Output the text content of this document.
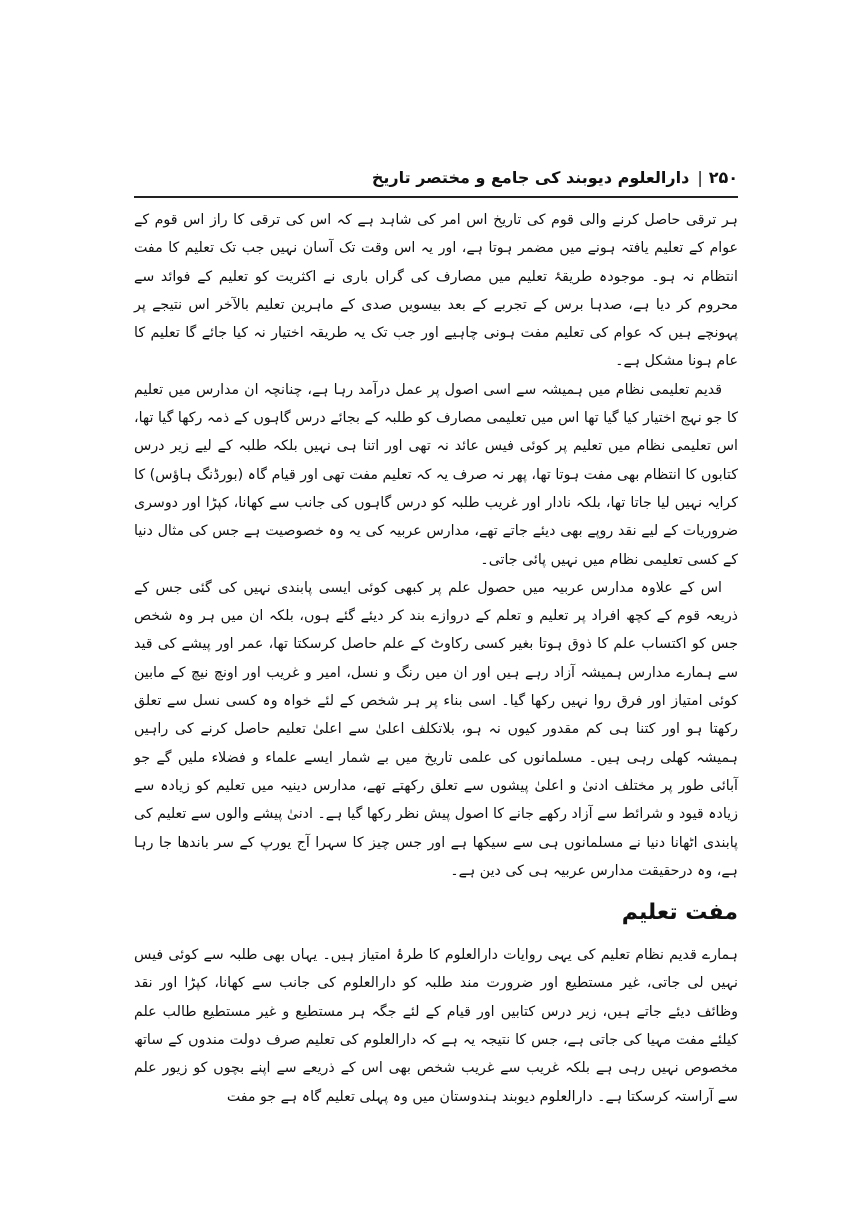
۲۵۰
|
دارالعلوم دیوبند کی جامع و مختصر تاریخ

ہر ترقی حاصل کرنے والی قوم کی تاریخ اس امر کی شاہد ہے کہ اس کی ترقی کا راز اس قوم کے عوام کے تعلیم یافتہ ہونے میں مضمر ہوتا ہے، اور یہ اس وقت تک آسان نہیں جب تک تعلیم کا مفت انتظام نہ ہو۔ موجودہ طریقۂ تعلیم میں مصارف کی گراں باری نے اکثریت کو تعلیم کے فوائد سے محروم کر دیا ہے، صدہا برس کے تجربے کے بعد بیسویں صدی کے ماہرین تعلیم بالآخر اس نتیجے پر پہونچے ہیں کہ عوام کی تعلیم مفت ہونی چاہیے اور جب تک یہ طریقہ اختیار نہ کیا جائے گا تعلیم کا عام ہونا مشکل ہے۔

قدیم تعلیمی نظام میں ہمیشہ سے اسی اصول پر عمل درآمد رہا ہے، چنانچہ ان مدارس میں تعلیم کا جو نہج اختیار کیا گیا تھا اس میں تعلیمی مصارف کو طلبہ کے بجائے درس گاہوں کے ذمہ رکھا گیا تھا، اس تعلیمی نظام میں تعلیم پر کوئی فیس عائد نہ تھی اور اتنا ہی نہیں بلکہ طلبہ کے لیے زیر درس کتابوں کا انتظام بھی مفت ہوتا تھا، پھر نہ صرف یہ کہ تعلیم مفت تھی اور قیام گاہ (بورڈنگ ہاؤس) کا کرایہ نہیں لیا جاتا تھا، بلکہ نادار اور غریب طلبہ کو درس گاہوں کی جانب سے کھانا، کپڑا اور دوسری ضروریات کے لیے نقد روپے بھی دیئے جاتے تھے، مدارس عربیہ کی یہ وہ خصوصیت ہے جس کی مثال دنیا کے کسی تعلیمی نظام میں نہیں پائی جاتی۔

اس کے علاوہ مدارس عربیہ میں حصول علم پر کبھی کوئی ایسی پابندی نہیں کی گئی جس کے ذریعہ قوم کے کچھ افراد پر تعلیم و تعلم کے دروازے بند کر دیئے گئے ہوں، بلکہ ان میں ہر وہ شخص جس کو اکتساب علم کا ذوق ہوتا بغیر کسی رکاوٹ کے علم حاصل کرسکتا تھا، عمر اور پیشے کی قید سے ہمارے مدارس ہمیشہ آزاد رہے ہیں اور ان میں رنگ و نسل، امیر و غریب اور اونچ نیچ کے مابین کوئی امتیاز اور فرق روا نہیں رکھا گیا۔ اسی بناء پر ہر شخص کے لئے خواہ وہ کسی نسل سے تعلق رکھتا ہو اور کتنا ہی کم مقدور کیوں نہ ہو، بلاتکلف اعلیٰ سے اعلیٰ تعلیم حاصل کرنے کی راہیں ہمیشہ کھلی رہی ہیں۔ مسلمانوں کی علمی تاریخ میں بے شمار ایسے علماء و فضلاء ملیں گے جو آبائی طور پر مختلف ادنیٰ و اعلیٰ پیشوں سے تعلق رکھتے تھے، مدارس دینیہ میں تعلیم کو زیادہ سے زیادہ قیود و شرائط سے آزاد رکھے جانے کا اصول پیش نظر رکھا گیا ہے۔ ادنیٰ پیشے والوں سے تعلیم کی پابندی اٹھانا دنیا نے مسلمانوں ہی سے سیکھا ہے اور جس چیز کا سہرا آج یورپ کے سر باندھا جا رہا ہے، وہ درحقیقت مدارس عربیہ ہی کی دین ہے۔

مفت تعلیم

ہمارے قدیم نظام تعلیم کی یہی روایات دارالعلوم کا طرۂ امتیاز ہیں۔ یہاں بھی طلبہ سے کوئی فیس نہیں لی جاتی، غیر مستطیع اور ضرورت مند طلبہ کو دارالعلوم کی جانب سے کھانا، کپڑا اور نقد وظائف دیئے جاتے ہیں، زیر درس کتابیں اور قیام کے لئے جگہ ہر مستطیع و غیر مستطیع طالب علم کیلئے مفت مہیا کی جاتی ہے، جس کا نتیجہ یہ ہے کہ دارالعلوم کی تعلیم صرف دولت مندوں کے ساتھ مخصوص نہیں رہی ہے بلکہ غریب سے غریب شخص بھی اس کے ذریعے سے اپنے بچوں کو زیور علم سے آراستہ کرسکتا ہے۔ دارالعلوم دیوبند ہندوستان میں وہ پہلی تعلیم گاہ ہے جو مفت
